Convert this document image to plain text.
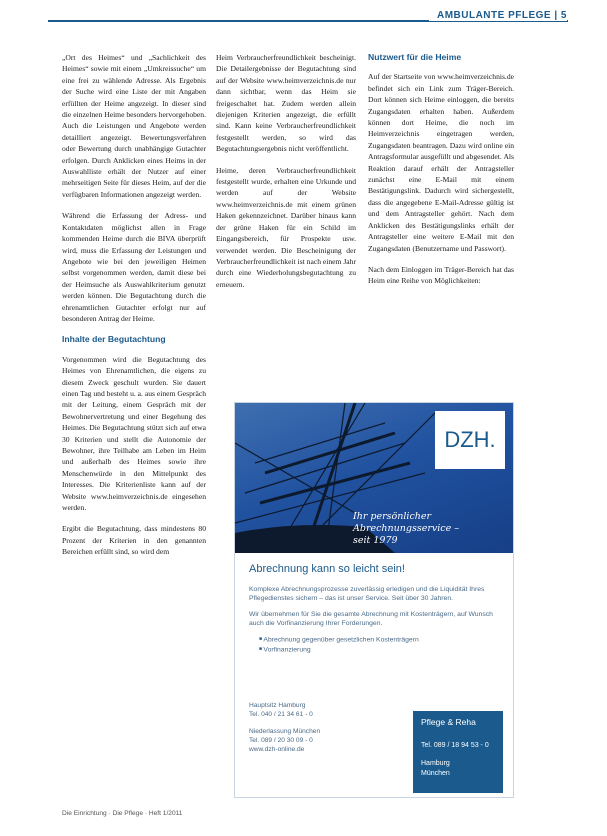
AMBULANTE PFLEGE | 5

„Ort des Heimes“ und „Sachlichkeit des Heimes“ sowie mit einem „Umkreissuche“ um eine frei zu wählende Adresse. Als Ergebnis der Suche wird eine Liste der mit Angaben erfüllten der Heime angezeigt. In dieser sind die einzelnen Heime besonders hervorgehoben. Auch die Leistungen und Angebote werden detailliert angezeigt. Bewertungsverfahren oder Bewertung durch unabhängige Gutachter erfolgen. Durch Anklicken eines Heims in der Auswahlliste erhält der Nutzer auf einer mehrseitigen Seite für dieses Heim, auf der die verfügbaren Informationen angezeigt werden.

Während die Erfassung der Adress- und Kontaktdaten möglichst allen in Frage kommenden Heime durch die BIVA überprüft wird, muss die Erfassung der Leistungen und Angebote wie bei den jeweiligen Heimen selbst vorgenommen werden, damit diese bei der Heimsuche als Auswahlkriterium genutzt werden können. Die Begutachtung durch die ehrenamtlichen Gutachter erfolgt nur auf besonderen Antrag der Heime.

Inhalte der Begutachtung

Vorgenommen wird die Begutachtung des Heimes von Ehrenamtlichen, die eigens zu diesem Zweck geschult wurden. Sie dauert einen Tag und besteht u. a. aus einem Gespräch mit der Leitung, einem Gespräch mit der Bewohnervertretung und einer Begehung des Heimes. Die Begutachtung stützt sich auf etwa 30 Kriterien und stellt die Autonomie der Bewohner, ihre Teilhabe am Leben im Heim und außerhalb des Heimes sowie ihre Menschenwürde in den Mittelpunkt des Interesses. Die Kriterienliste kann auf der Website www.heimverzeichnis.de eingesehen werden.

Ergibt die Begutachtung, dass mindestens 80 Prozent der Kriterien in den genannten Bereichen erfüllt sind, so wird dem

Heim Verbraucherfreundlichkeit bescheinigt. Die Detailergebnisse der Begutachtung sind auf der Website www.heimverzeichnis.de nur dann sichtbar, wenn das Heim sie freigeschaltet hat. Zudem werden allein diejenigen Kriterien angezeigt, die erfüllt sind. Kann keine Verbraucherfreundlichkeit festgestellt werden, so wird das Begutachtungsergebnis nicht veröffentlicht.

Heime, deren Verbraucherfreundlichkeit festgestellt wurde, erhalten eine Urkunde und werden auf der Website www.heimverzeichnis.de mit einem grünen Haken gekennzeichnet. Darüber hinaus kann der grüne Haken für ein Schild im Eingangsbereich, für Prospekte usw. verwendet werden. Die Bescheinigung der Verbraucherfreundlichkeit ist nach einem Jahr durch eine Wiederholungsbegutachtung zu erneuern.

Nutzwert für die Heime

Auf der Startseite von www.heimverzeichnis.de befindet sich ein Link zum Träger-Bereich. Dort können sich Heime einloggen, die bereits Zugangsdaten erhalten haben. Außerdem können dort Heime, die noch im Heimverzeichnis eingetragen werden, Zugangsdaten beantragen. Dazu wird online ein Antragsformular ausgefüllt und abgesendet. Als Reaktion darauf erhält der Antragsteller zunächst eine E-Mail mit einem Bestätigungslink. Dadurch wird sichergestellt, dass die angegebene E-Mail-Adresse gültig ist und dem Antragsteller gehört. Nach dem Anklicken des Bestätigungslinks erhält der Antragsteller eine weitere E-Mail mit den Zugangsdaten (Benutzername und Passwort).

Nach dem Einloggen im Träger-Bereich hat das Heim eine Reihe von Möglichkeiten:

DZH.
Ihr persönlicher Abrechnungsservice –
seit 1979
Abrechnung kann so leicht sein!

Komplexe Abrechnungsprozesse zuverlässig erledigen und die Liquidität Ihres Pflegedienstes sichern – das ist unser Service. Seit über 30 Jahren.

Wir übernehmen für Sie die gesamte Abrechnung mit Kostenträgern, auf Wunsch auch die Vorfinanzierung Ihrer Forderungen.

■ Abrechnung gegenüber gesetzlichen Kostenträgern
■ Vorfinanzierung

Hauptsitz Hamburg
Tel. 040 / 21 34 61 - 0

Niederlassung München
Tel. 089 / 20 30 09 - 0
www.dzh-online.de

Pflege & Reha
Tel. 089 / 18 94 53 - 0
Hamburg
München
Die Einrichtung · Die Pflege · Heft 1/2011
